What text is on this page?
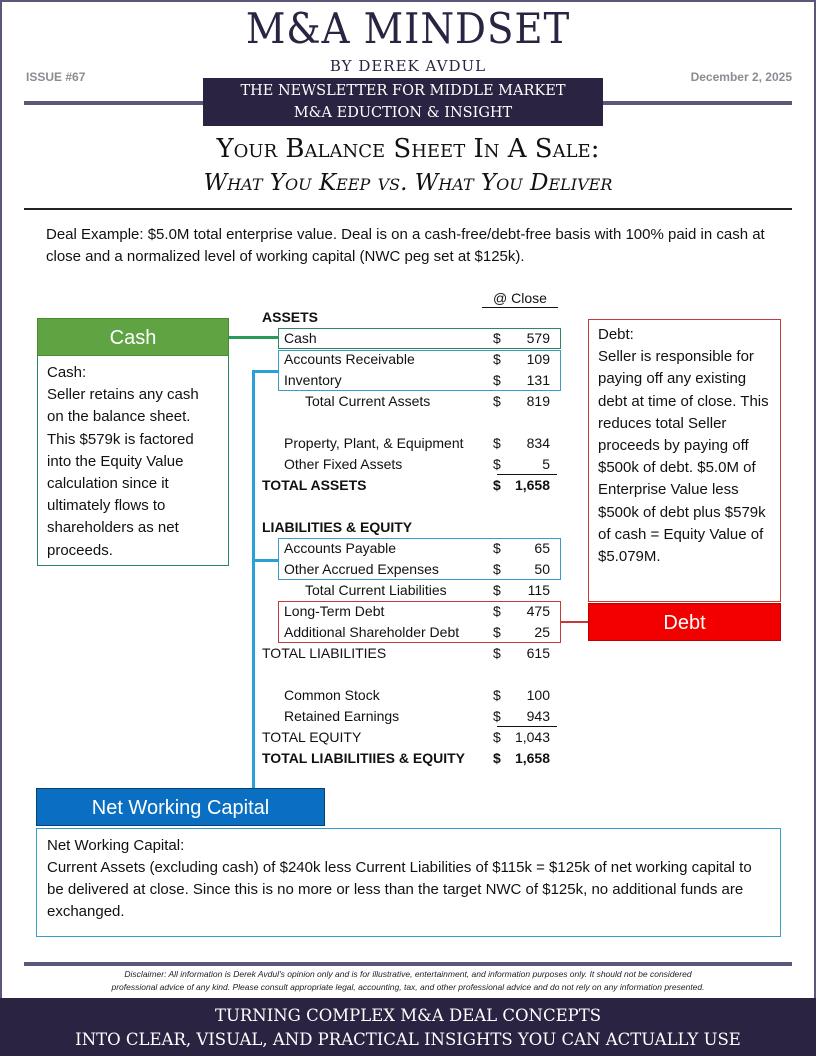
M&A MINDSET
BY DEREK AVDUL
ISSUE #67	December 2, 2025
THE NEWSLETTER FOR MIDDLE MARKET
M&A EDUCTION & INSIGHT
Your Balance Sheet In A Sale:
What You Keep vs. What You Deliver
Deal Example: $5.0M total enterprise value. Deal is on a cash-free/debt-free basis with 100% paid in cash at close and a normalized level of working capital (NWC peg set at $125k).
@ Close
ASSETS
Cash	$ 579
Accounts Receivable	$ 109
Inventory	$ 131
Total Current Assets	$ 819
Property, Plant, & Equipment $ 834
Other Fixed Assets	$	5
TOTAL ASSETS	$ 1,658
LIABILITIES & EQUITY
Accounts Payable	$ 65
Other Accrued Expenses	$ 50
Total Current Liabilities	$ 115
Long-Term Debt	$ 475
Additional Shareholder Debt $ 25
TOTAL LIABILITIES	$ 615
Common Stock	$ 100
Retained Earnings	$ 943
TOTAL EQUITY	$ 1,043
TOTAL LIABILITIIES & EQUITY $ 1,658
Cash
Cash:
Seller retains any cash on the balance sheet. This $579k is factored into the Equity Value calculation since it ultimately flows to shareholders as net proceeds.
Debt:
Seller is responsible for paying off any existing debt at time of close. This reduces total Seller proceeds by paying off $500k of debt. $5.0M of Enterprise Value less $500k of debt plus $579k of cash = Equity Value of $5.079M.
Debt
Net Working Capital
Net Working Capital:
Current Assets (excluding cash) of $240k less Current Liabilities of $115k = $125k of net working capital to be delivered at close. Since this is no more or less than the target NWC of $125k, no additional funds are exchanged.
Disclaimer: All information is Derek Avdul's opinion only and is for illustrative, entertainment, and information purposes only. It should not be considered
professional advice of any kind. Please consult appropriate legal, accounting, tax, and other professional advice and do not rely on any information presented.
TURNING COMPLEX M&A DEAL CONCEPTS
INTO CLEAR, VISUAL, AND PRACTICAL INSIGHTS YOU CAN ACTUALLY USE
